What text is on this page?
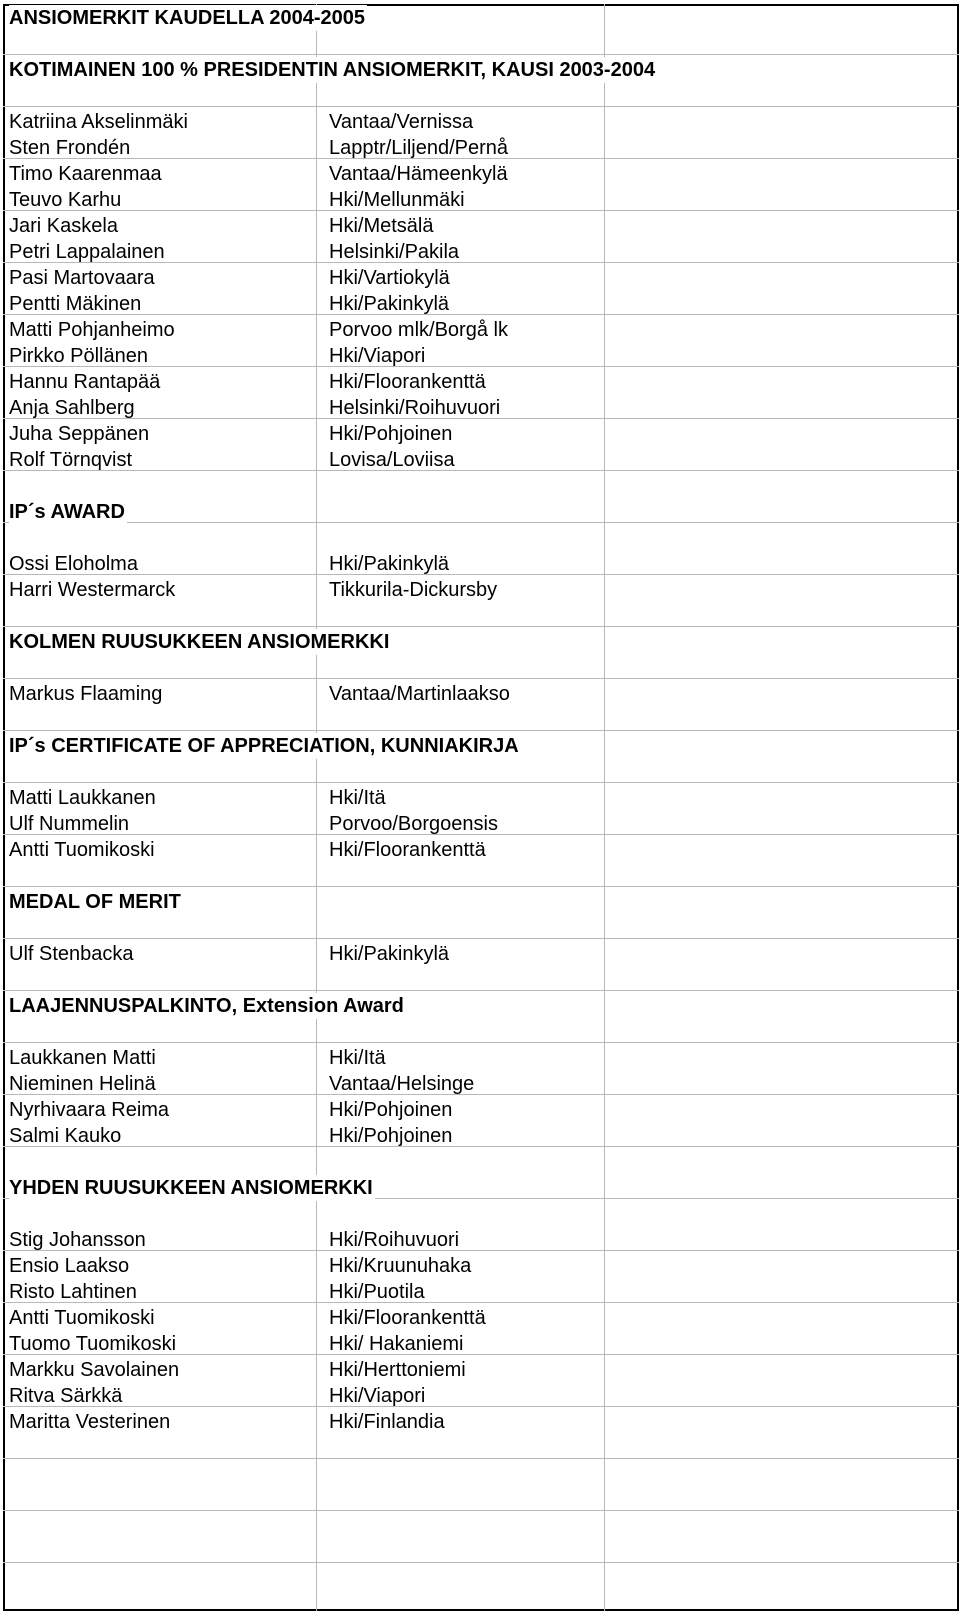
ANSIOMERKIT KAUDELLA 2004-2005
KOTIMAINEN 100 % PRESIDENTIN ANSIOMERKIT, KAUSI 2003-2004
Katriina Akselinmäki	Vantaa/Vernissa
Sten Frondén	Lapptr/Liljend/Pernå
Timo Kaarenmaa	Vantaa/Hämeenkylä
Teuvo Karhu	Hki/Mellunmäki
Jari Kaskela	Hki/Metsälä
Petri Lappalainen	Helsinki/Pakila
Pasi Martovaara	Hki/Vartiokylä
Pentti Mäkinen	Hki/Pakinkylä
Matti Pohjanheimo	Porvoo mlk/Borgå lk
Pirkko Pöllänen	Hki/Viapori
Hannu Rantapää	Hki/Floorankenttä
Anja Sahlberg	Helsinki/Roihuvuori
Juha Seppänen	Hki/Pohjoinen
Rolf Törnqvist	Lovisa/Loviisa
IP´s AWARD
Ossi Eloholma	Hki/Pakinkylä
Harri Westermarck	Tikkurila-Dickursby
KOLMEN RUUSUKKEEN ANSIOMERKKI
Markus Flaaming	Vantaa/Martinlaakso
IP´s CERTIFICATE OF APPRECIATION, KUNNIAKIRJA
Matti Laukkanen	Hki/Itä
Ulf Nummelin	Porvoo/Borgoensis
Antti Tuomikoski	Hki/Floorankenttä
MEDAL OF MERIT
Ulf Stenbacka	Hki/Pakinkylä
LAAJENNUSPALKINTO, Extension Award
Laukkanen Matti	Hki/Itä
Nieminen Helinä	Vantaa/Helsinge
Nyrhivaara Reima	Hki/Pohjoinen
Salmi Kauko	Hki/Pohjoinen
YHDEN RUUSUKKEEN ANSIOMERKKI
Stig Johansson	Hki/Roihuvuori
Ensio Laakso	Hki/Kruunuhaka
Risto Lahtinen	Hki/Puotila
Antti Tuomikoski	Hki/Floorankenttä
Tuomo Tuomikoski	Hki/ Hakaniemi
Markku Savolainen	Hki/Herttoniemi
Ritva Särkkä	Hki/Viapori
Maritta Vesterinen	Hki/Finlandia
